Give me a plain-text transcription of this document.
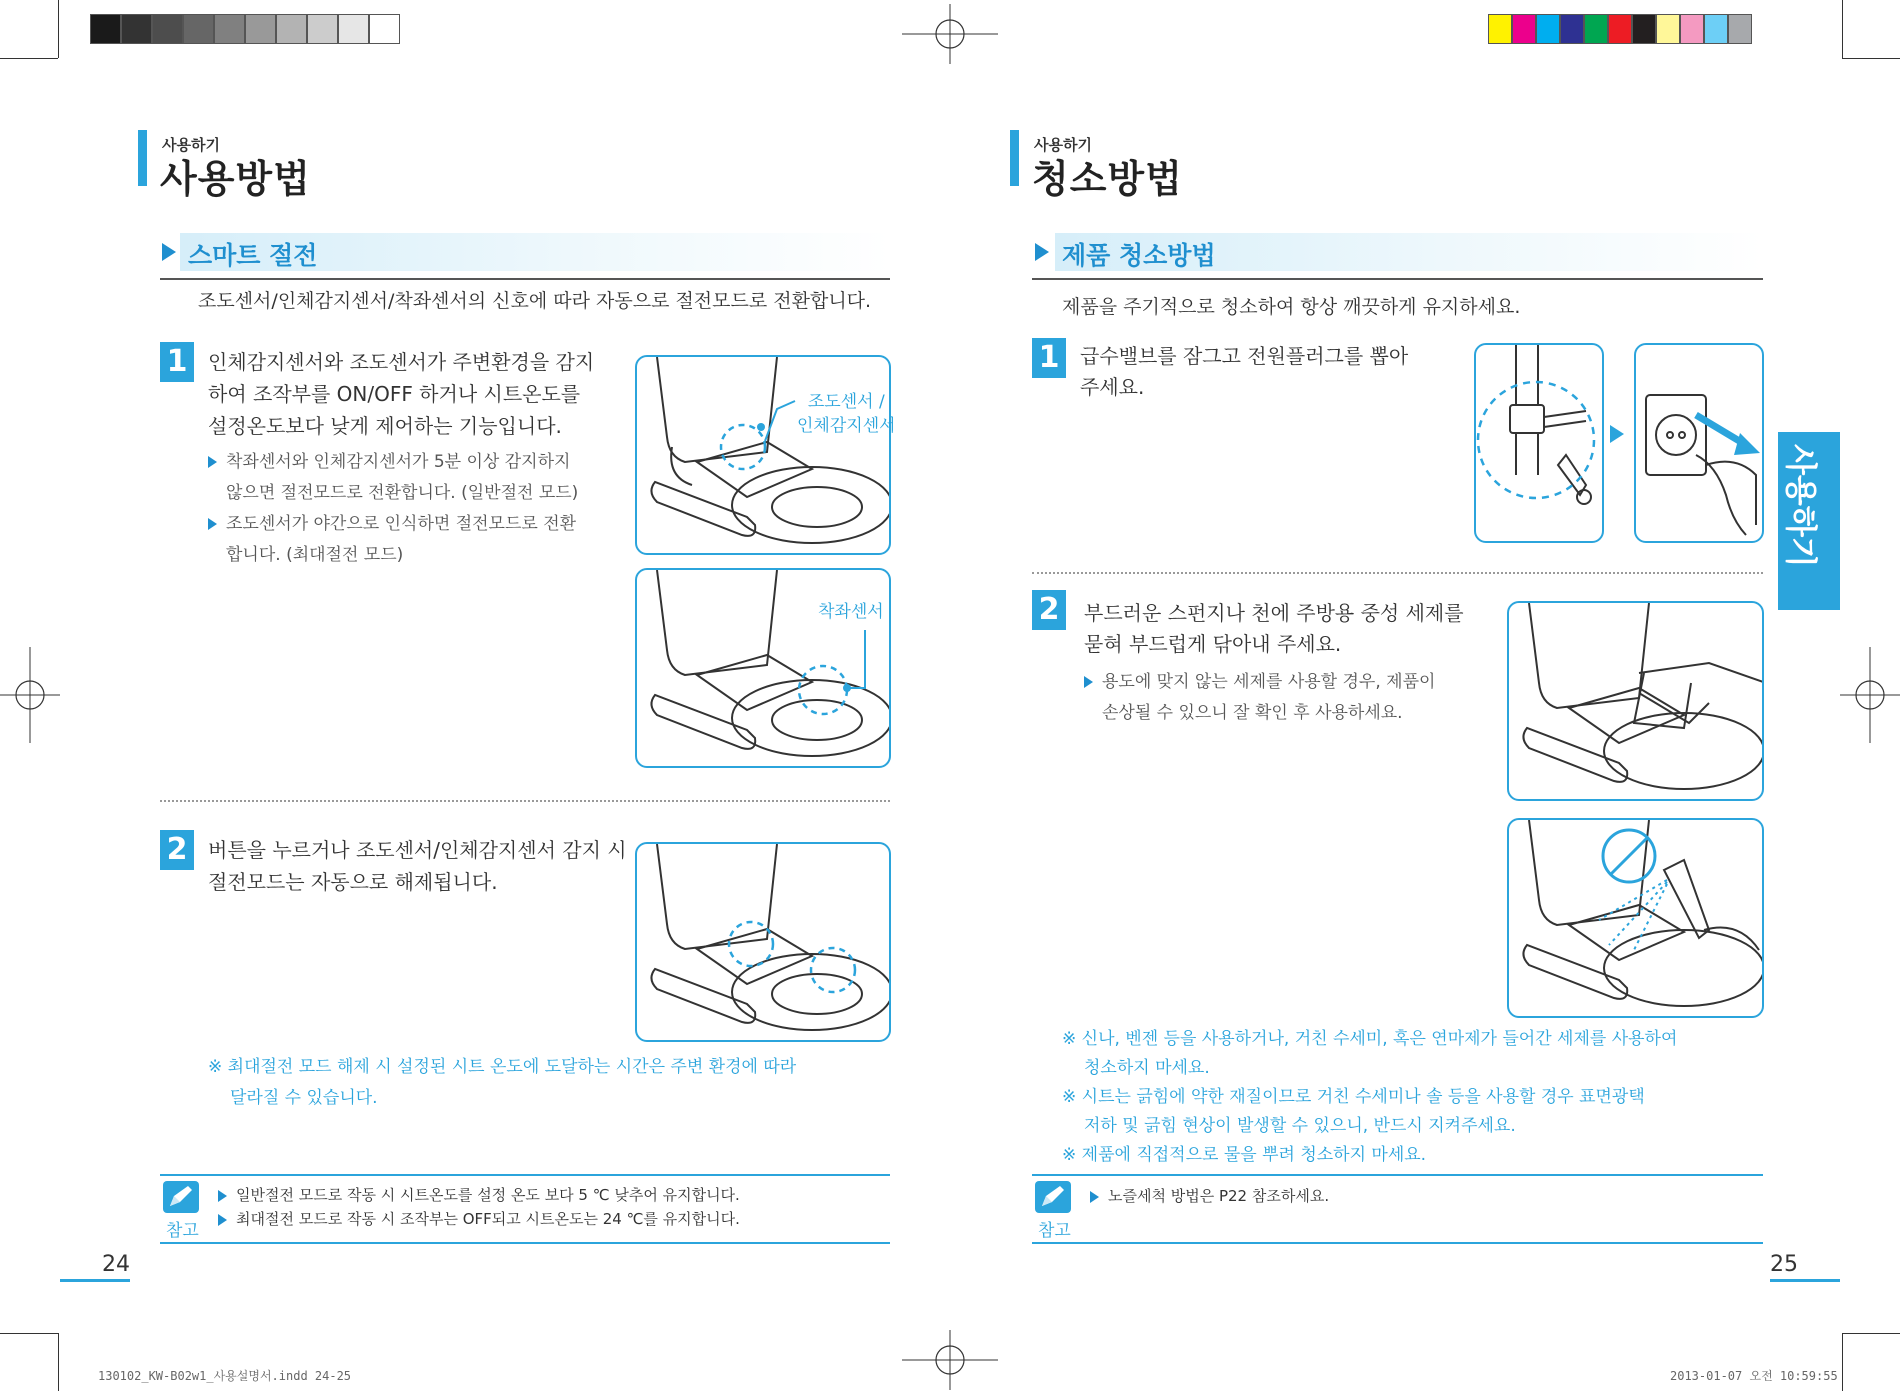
사용하기
사용방법
스마트 절전
조도센서/인체감지센서/착좌센서의 신호에 따라 자동으로 절전모드로 전환합니다.
1	인체감지센서와 조도센서가 주변환경을 감지
하여 조작부를 ON/OFF 하거나 시트온도를
설정온도보다 낮게 제어하는 기능입니다.
착좌센서와 인체감지센서가 5분 이상 감지하지
않으면 절전모드로 전환합니다. (일반절전 모드)
조도센서가 야간으로 인식하면 절전모드로 전환
합니다. (최대절전 모드)
조도센서 /
인체감지센서
착좌센서
2	버튼을 누르거나 조도센서/인체감지센서 감지 시
절전모드는 자동으로 해제됩니다.
※ 최대절전 모드 해제 시 설정된 시트 온도에 도달하는 시간은 주변 환경에 따라
달라질 수 있습니다.
참고
일반절전 모드로 작동 시 시트온도를 설정 온도 보다 5 ℃ 낮추어 유지합니다.
최대절전 모드로 작동 시 조작부는 OFF되고 시트온도는 24 ℃를 유지합니다.
24
사용하기
청소방법
제품 청소방법
제품을 주기적으로 청소하여 항상 깨끗하게 유지하세요.
1	급수밸브를 잠그고 전원플러그를 뽑아
주세요.
2	부드러운 스펀지나 천에 주방용 중성 세제를
묻혀 부드럽게 닦아내 주세요.
용도에 맞지 않는 세제를 사용할 경우, 제품이
손상될 수 있으니 잘 확인 후 사용하세요.
※ 신나, 벤젠 등을 사용하거나, 거친 수세미, 혹은 연마제가 들어간 세제를 사용하여
청소하지 마세요.
※ 시트는 긁힘에 약한 재질이므로 거친 수세미나 솔 등을 사용할 경우 표면광택
저하 및 긁힘 현상이 발생할 수 있으니, 반드시 지켜주세요.
※ 제품에 직접적으로 물을 뿌려 청소하지 마세요.
참고
노즐세척 방법은 P22 참조하세요.
25
사용하기
130102_KW-B02w1_사용설명서.indd 24-25	2013-01-07 오전 10:59:55
